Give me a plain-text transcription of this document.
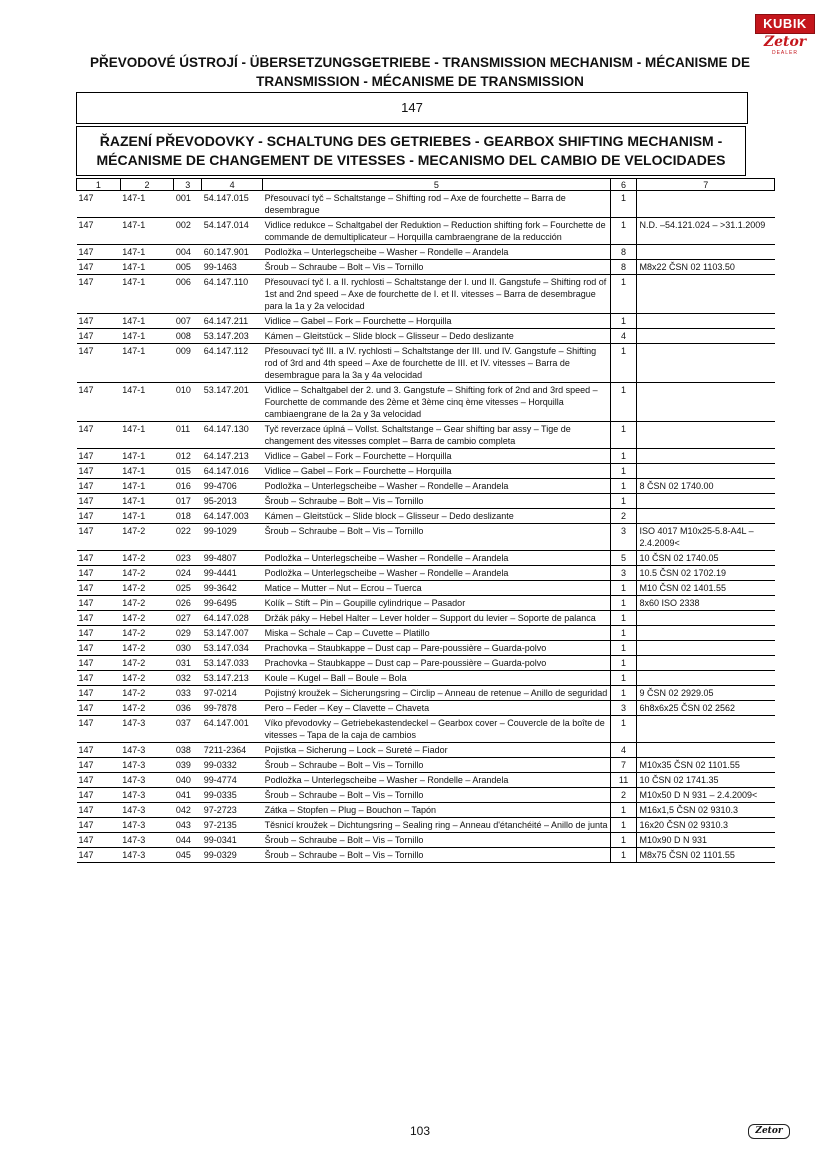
KUBIK
Zetor
DEALER
PŘEVODOVÉ ÚSTROJÍ - ÜBERSETZUNGSGETRIEBE - TRANSMISSION MECHANISM - MÉCANISME DE
TRANSMISSION - MÉCANISME DE TRANSMISSION
147
ŘAZENÍ PŘEVODOVKY - SCHALTUNG DES GETRIEBES - GEARBOX SHIFTING MECHANISM -
MÉCANISME DE CHANGEMENT DE VITESSES - MECANISMO DEL CAMBIO DE VELOCIDADES
1	2	3	4	5	6	7
147	147-1	001	54.147.015	Přesouvací tyč – Schaltstange – Shifting rod – Axe de fourchette – Barra de desembrague	1	
147	147-1	002	54.147.014	Vidlice redukce – Schaltgabel der Reduktion – Reduction shifting fork – Fourchette de commande de demultiplicateur – Horquilla cambraengrane de la reducción	1	N.D. –54.121.024 – >31.1.2009
147	147-1	004	60.147.901	Podložka – Unterlegscheibe – Washer – Rondelle – Arandela	8	
147	147-1	005	99-1463	Šroub – Schraube – Bolt – Vis – Tornillo	8	M8x22 ČSN 02 1103.50
147	147-1	006	64.147.110	Přesouvací tyč I. a II. rychlosti – Schaltstange der I. und II. Gangstufe – Shifting rod of 1st and 2nd speed – Axe de fourchette de I. et II. vitesses – Barra de desembrague para la 1a y 2a velocidad	1	
147	147-1	007	64.147.211	Vidlice – Gabel – Fork – Fourchette – Horquilla	1	
147	147-1	008	53.147.203	Kámen – Gleitstück – Slide block – Glisseur – Dedo deslizante	4	
147	147-1	009	64.147.112	Přesouvací tyč III. a IV. rychlosti – Schaltstange der III. und IV. Gangstufe – Shifting rod of 3rd and 4th speed – Axe de fourchette de III. et IV. vitesses – Barra de desembrague para la 3a y 4a velocidad	1	
147	147-1	010	53.147.201	Vidlice – Schaltgabel der 2. und 3. Gangstufe – Shifting fork of 2nd and 3rd speed – Fourchette de commande des 2ème et 3ème cinq ème vitesses – Horquilla cambiaengrane de la 2a y 3a velocidad	1	
147	147-1	011	64.147.130	Tyč reverzace úplná – Vollst. Schaltstange – Gear shifting bar assy – Tige de changement des vitesses complet – Barra de cambio completa	1	
147	147-1	012	64.147.213	Vidlice – Gabel – Fork – Fourchette – Horquilla	1	
147	147-1	015	64.147.016	Vidlice – Gabel – Fork – Fourchette – Horquilla	1	
147	147-1	016	99-4706	Podložka – Unterlegscheibe – Washer – Rondelle – Arandela	1	8 ČSN 02 1740.00
147	147-1	017	95-2013	Šroub – Schraube – Bolt – Vis – Tornillo	1	
147	147-1	018	64.147.003	Kámen – Gleitstück – Slide block – Glisseur – Dedo deslizante	2	
147	147-2	022	99-1029	Šroub – Schraube – Bolt – Vis – Tornillo	3	ISO 4017 M10x25-5.8-A4L – 2.4.2009<
147	147-2	023	99-4807	Podložka – Unterlegscheibe – Washer – Rondelle – Arandela	5	10 ČSN 02 1740.05
147	147-2	024	99-4441	Podložka – Unterlegscheibe – Washer – Rondelle – Arandela	3	10.5 ČSN 02 1702.19
147	147-2	025	99-3642	Matice – Mutter – Nut – Ecrou – Tuerca	1	M10 ČSN 02 1401.55
147	147-2	026	99-6495	Kolík – Stift – Pin – Goupille cylindrique – Pasador	1	8x60 ISO 2338
147	147-2	027	64.147.028	Držák páky – Hebel Halter – Lever holder – Support du levier – Soporte de palanca	1	
147	147-2	029	53.147.007	Miska – Schale – Cap – Cuvette – Platillo	1	
147	147-2	030	53.147.034	Prachovka – Staubkappe – Dust cap – Pare-poussière – Guarda-polvo	1	
147	147-2	031	53.147.033	Prachovka – Staubkappe – Dust cap – Pare-poussière – Guarda-polvo	1	
147	147-2	032	53.147.213	Koule – Kugel – Ball – Boule – Bola	1	
147	147-2	033	97-0214	Pojistný kroužek – Sicherungsring – Circlip – Anneau de retenue – Anillo de seguridad	1	9 ČSN 02 2929.05
147	147-2	036	99-7878	Pero – Feder – Key – Clavette – Chaveta	3	6h8x6x25 ČSN 02 2562
147	147-3	037	64.147.001	Víko převodovky – Getriebekastendeckel – Gearbox cover – Couvercle de la boîte de vitesses – Tapa de la caja de cambios	1	
147	147-3	038	7211-2364	Pojistka – Sicherung – Lock – Sureté – Fiador	4	
147	147-3	039	99-0332	Šroub – Schraube – Bolt – Vis – Tornillo	7	M10x35 ČSN 02 1101.55
147	147-3	040	99-4774	Podložka – Unterlegscheibe – Washer – Rondelle – Arandela	11	10 ČSN 02 1741.35
147	147-3	041	99-0335	Šroub – Schraube – Bolt – Vis – Tornillo	2	M10x50 D N 931 – 2.4.2009<
147	147-3	042	97-2723	Zátka – Stopfen – Plug – Bouchon – Tapón	1	M16x1,5 ČSN 02 9310.3
147	147-3	043	97-2135	Těsnicí kroužek – Dichtungsring – Sealing ring – Anneau d'étanchéité – Anillo de junta	1	16x20 ČSN 02 9310.3
147	147-3	044	99-0341	Šroub – Schraube – Bolt – Vis – Tornillo	1	M10x90 D N 931
147	147-3	045	99-0329	Šroub – Schraube – Bolt – Vis – Tornillo	1	M8x75 ČSN 02 1101.55
103	Zetor
